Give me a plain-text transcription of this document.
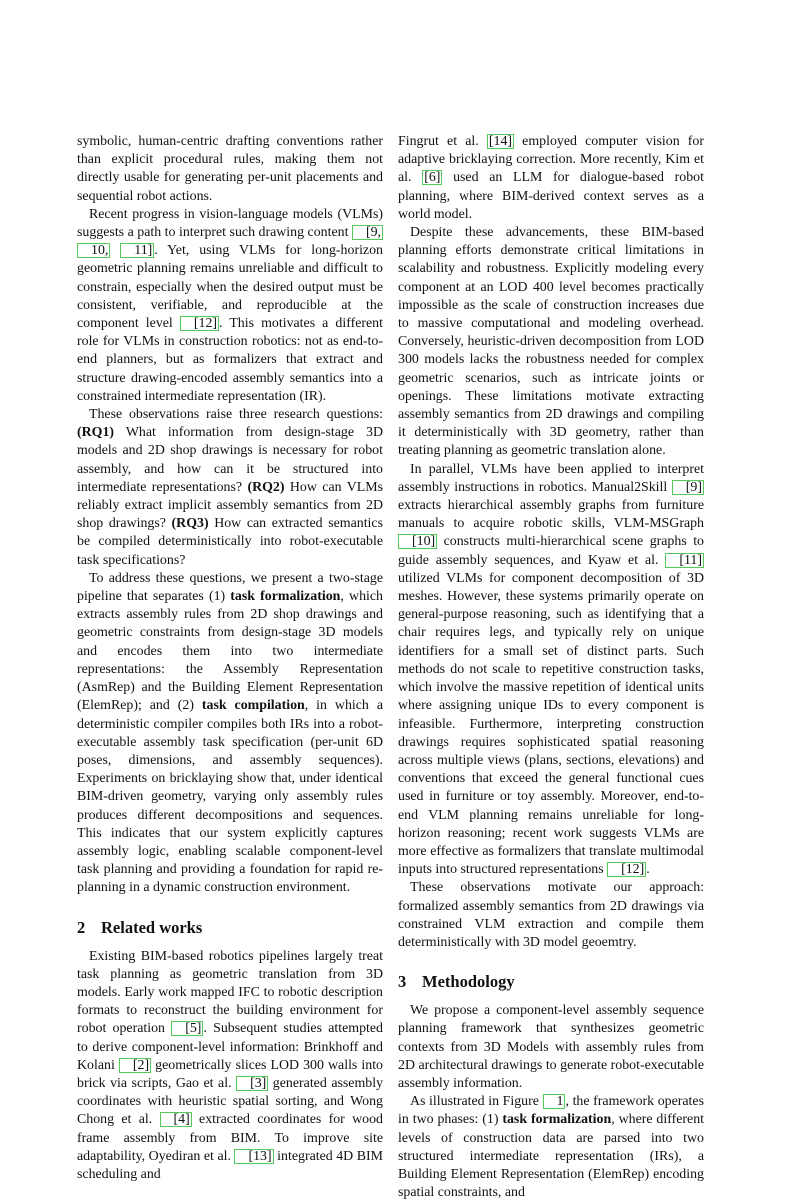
symbolic, human-centric drafting conventions rather than explicit procedural rules, making them not directly usable for generating per-unit placements and sequential robot actions.

Recent progress in vision-language models (VLMs) suggests a path to interpret such drawing content [9, 10, 11] . Yet, using VLMs for long-horizon geometric planning remains unreliable and difficult to constrain, especially when the desired output must be consistent, verifiable, and reproducible at the component level [12] . This motivates a different role for VLMs in construction robotics: not as end-to-end planners, but as formalizers that extract and structure drawing-encoded assembly semantics into a constrained intermediate representation (IR).

These observations raise three research questions: (RQ1) What information from design-stage 3D models and 2D shop drawings is necessary for robot assembly, and how can it be structured into intermediate representations? (RQ2) How can VLMs reliably extract implicit assembly semantics from 2D shop drawings? (RQ3) How can extracted semantics be compiled deterministically into robot-executable task specifications?

To address these questions, we present a two-stage pipeline that separates (1) task formalization, which extracts assembly rules from 2D shop drawings and geometric constraints from design-stage 3D models and encodes them into two intermediate representations: the Assembly Representation (AsmRep) and the Building Element Representation (ElemRep); and (2) task compilation, in which a deterministic compiler compiles both IRs into a robot-executable assembly task specification (per-unit 6D poses, dimensions, and assembly sequences). Experiments on bricklaying show that, under identical BIM-driven geometry, varying only assembly rules produces different decompositions and sequences. This indicates that our system explicitly captures assembly logic, enabling scalable component-level task planning and providing a foundation for rapid re-planning in a dynamic construction environment.

2 Related works

Existing BIM-based robotics pipelines largely treat task planning as geometric translation from 3D models. Early work mapped IFC to robotic description formats to reconstruct the building environment for robot operation [5] . Subsequent studies attempted to derive component-level information: Brinkhoff and Kolani [2] geometrically slices LOD 300 walls into brick via scripts, Gao et al. [3] generated assembly coordinates with heuristic spatial sorting, and Wong Chong et al. [4] extracted coordinates for wood frame assembly from BIM. To improve site adaptability, Oyediran et al. [13] integrated 4D BIM scheduling and

Fingrut et al. [14] employed computer vision for adaptive bricklaying correction. More recently, Kim et al. [6] used an LLM for dialogue-based robot planning, where BIM-derived context serves as a world model.

Despite these advancements, these BIM-based planning efforts demonstrate critical limitations in scalability and robustness. Explicitly modeling every component at an LOD 400 level becomes practically impossible as the scale of construction increases due to massive computational and modeling overhead. Conversely, heuristic-driven decomposition from LOD 300 models lacks the robustness needed for complex geometric scenarios, such as intricate joints or openings. These limitations motivate extracting assembly semantics from 2D drawings and compiling it deterministically with 3D geometry, rather than treating planning as geometric translation alone.

In parallel, VLMs have been applied to interpret assembly instructions in robotics. Manual2Skill [9] extracts hierarchical assembly graphs from furniture manuals to acquire robotic skills, VLM-MSGraph [10] constructs multi-hierarchical scene graphs to guide assembly sequences, and Kyaw et al. [11] utilized VLMs for component decomposition of 3D meshes. However, these systems primarily operate on general-purpose reasoning, such as identifying that a chair requires legs, and typically rely on unique identifiers for a small set of distinct parts. Such methods do not scale to repetitive construction tasks, which involve the massive repetition of identical units where assigning unique IDs to every component is infeasible. Furthermore, interpreting construction drawings requires sophisticated spatial reasoning across multiple views (plans, sections, elevations) and conventions that exceed the general functional cues used in furniture or toy assembly. Moreover, end-to-end VLM planning remains unreliable for long-horizon reasoning; recent work suggests VLMs are more effective as formalizers that translate multimodal inputs into structured representations [12] .

These observations motivate our approach: formalized assembly semantics from 2D drawings via constrained VLM extraction and compile them deterministically with 3D model geoemtry.

3 Methodology

We propose a component-level assembly sequence planning framework that synthesizes geometric contexts from 3D Models with assembly rules from 2D architectural drawings to generate robot-executable assembly information.

As illustrated in Figure 1 , the framework operates in two phases: (1) task formalization, where different levels of construction data are parsed into two structured intermediate representation (IRs), a Building Element Representation (ElemRep) encoding spatial constraints, and
